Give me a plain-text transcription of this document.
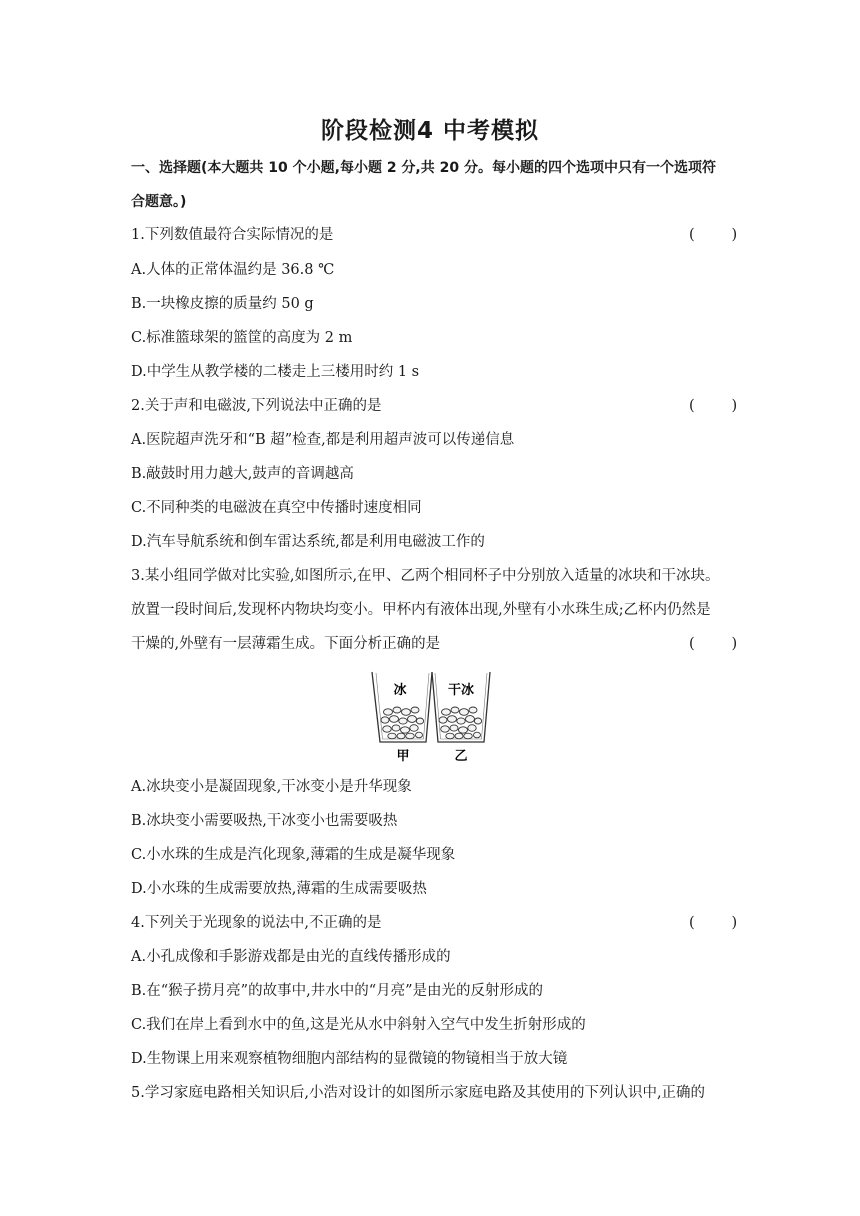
阶段检测4 中考模拟
一、选择题(本大题共 10 个小题,每小题 2 分,共 20 分。每小题的四个选项中只有一个选项符
合题意。)
1.下列数值最符合实际情况的是	(        )
A.人体的正常体温约是 36.8 ℃
B.一块橡皮擦的质量约 50 g
C.标准篮球架的篮筐的高度为 2 m
D.中学生从教学楼的二楼走上三楼用时约 1 s
2.关于声和电磁波,下列说法中正确的是	(        )
A.医院超声洗牙和“B 超”检查,都是利用超声波可以传递信息
B.敲鼓时用力越大,鼓声的音调越高
C.不同种类的电磁波在真空中传播时速度相同
D.汽车导航系统和倒车雷达系统,都是利用电磁波工作的
3.某小组同学做对比实验,如图所示,在甲、乙两个相同杯子中分别放入适量的冰块和干冰块。
放置一段时间后,发现杯内物块均变小。甲杯内有液体出现,外壁有小水珠生成;乙杯内仍然是
干燥的,外壁有一层薄霜生成。下面分析正确的是	(        )
冰	干冰
甲	乙
A.冰块变小是凝固现象,干冰变小是升华现象
B.冰块变小需要吸热,干冰变小也需要吸热
C.小水珠的生成是汽化现象,薄霜的生成是凝华现象
D.小水珠的生成需要放热,薄霜的生成需要吸热
4.下列关于光现象的说法中,不正确的是	(        )
A.小孔成像和手影游戏都是由光的直线传播形成的
B.在“猴子捞月亮”的故事中,井水中的“月亮”是由光的反射形成的
C.我们在岸上看到水中的鱼,这是光从水中斜射入空气中发生折射形成的
D.生物课上用来观察植物细胞内部结构的显微镜的物镜相当于放大镜
5.学习家庭电路相关知识后,小浩对设计的如图所示家庭电路及其使用的下列认识中,正确的
